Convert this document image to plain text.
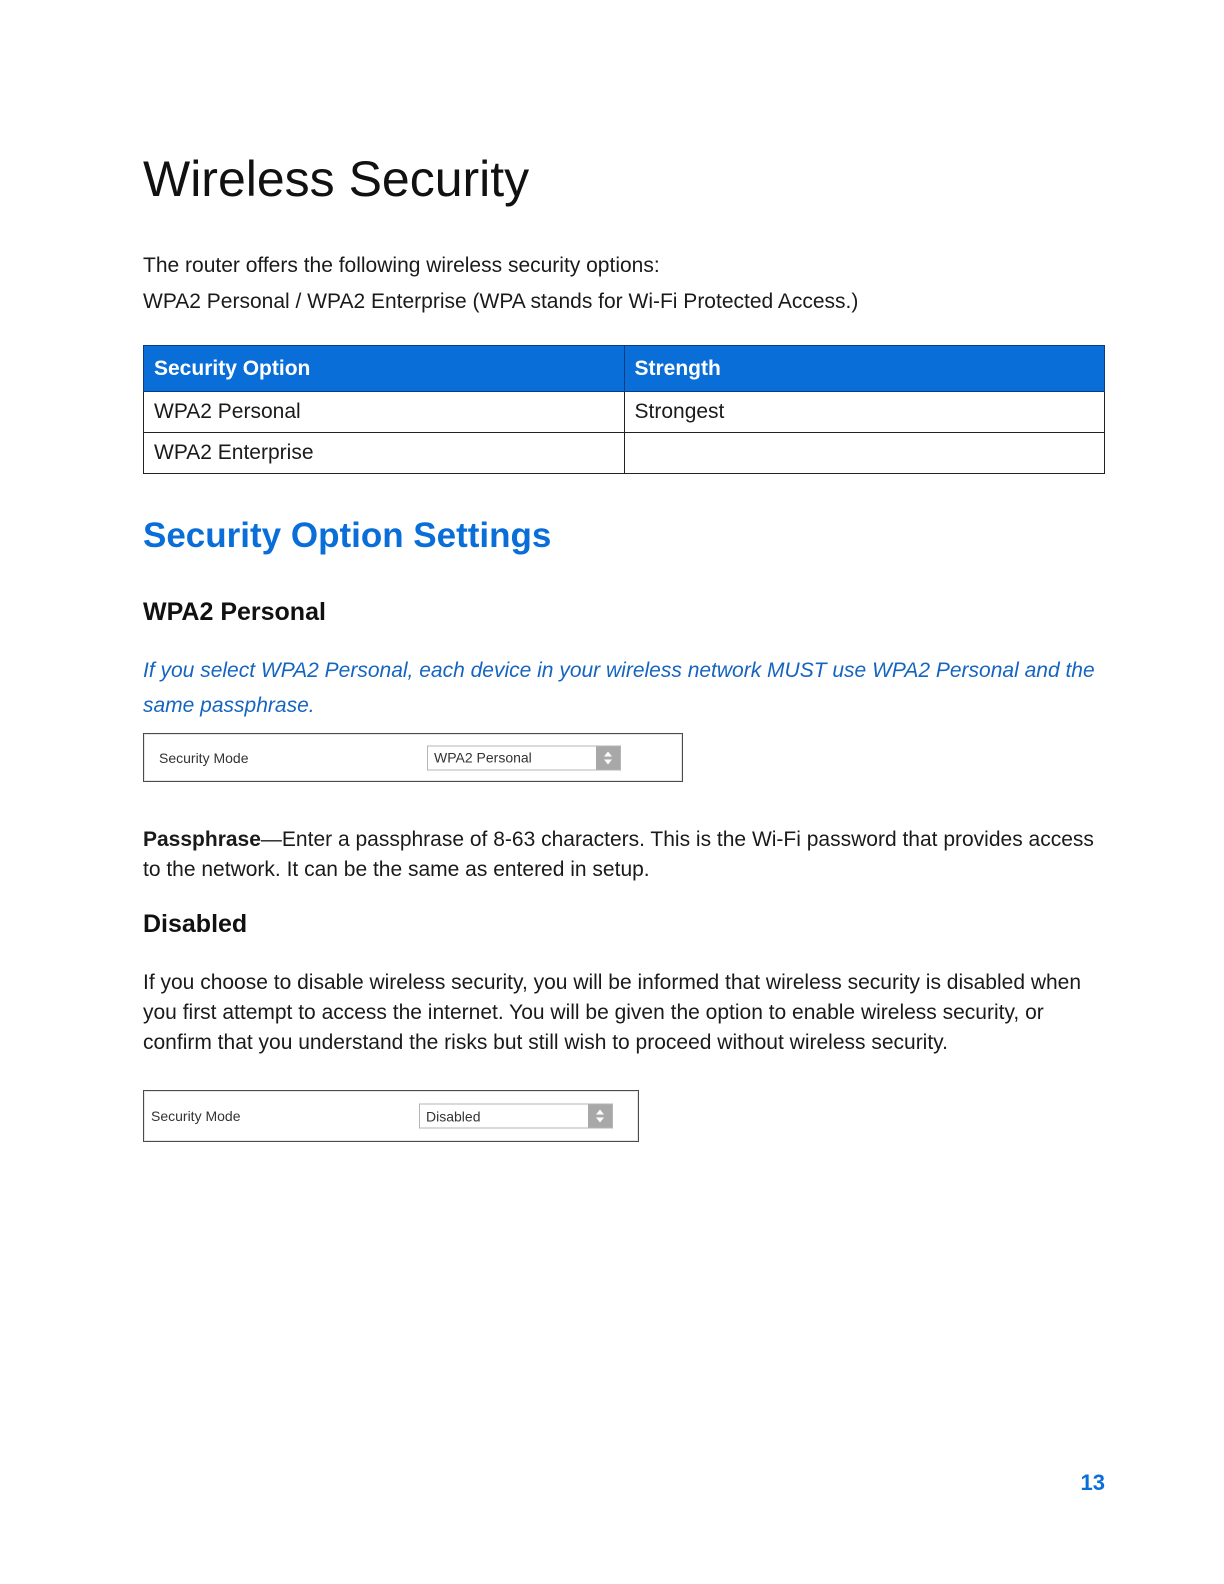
Wireless Security

The router offers the following wireless security options:

WPA2 Personal / WPA2 Enterprise (WPA stands for Wi-Fi Protected Access.)

Security Option	Strength
WPA2 Personal	Strongest
WPA2 Enterprise	
Security Option Settings
WPA2 Personal

If you select WPA2 Personal, each device in your wireless network MUST use WPA2 Personal and the same passphrase.

Security Mode	WPA2 Personal

Passphrase—Enter a passphrase of 8-63 characters. This is the Wi-Fi password that provides access to the network. It can be the same as entered in setup.

Disabled

If you choose to disable wireless security, you will be informed that wireless security is disabled when you first attempt to access the internet. You will be given the option to enable wireless security, or confirm that you understand the risks but still wish to proceed without wireless security.

Security Mode	Disabled
13
